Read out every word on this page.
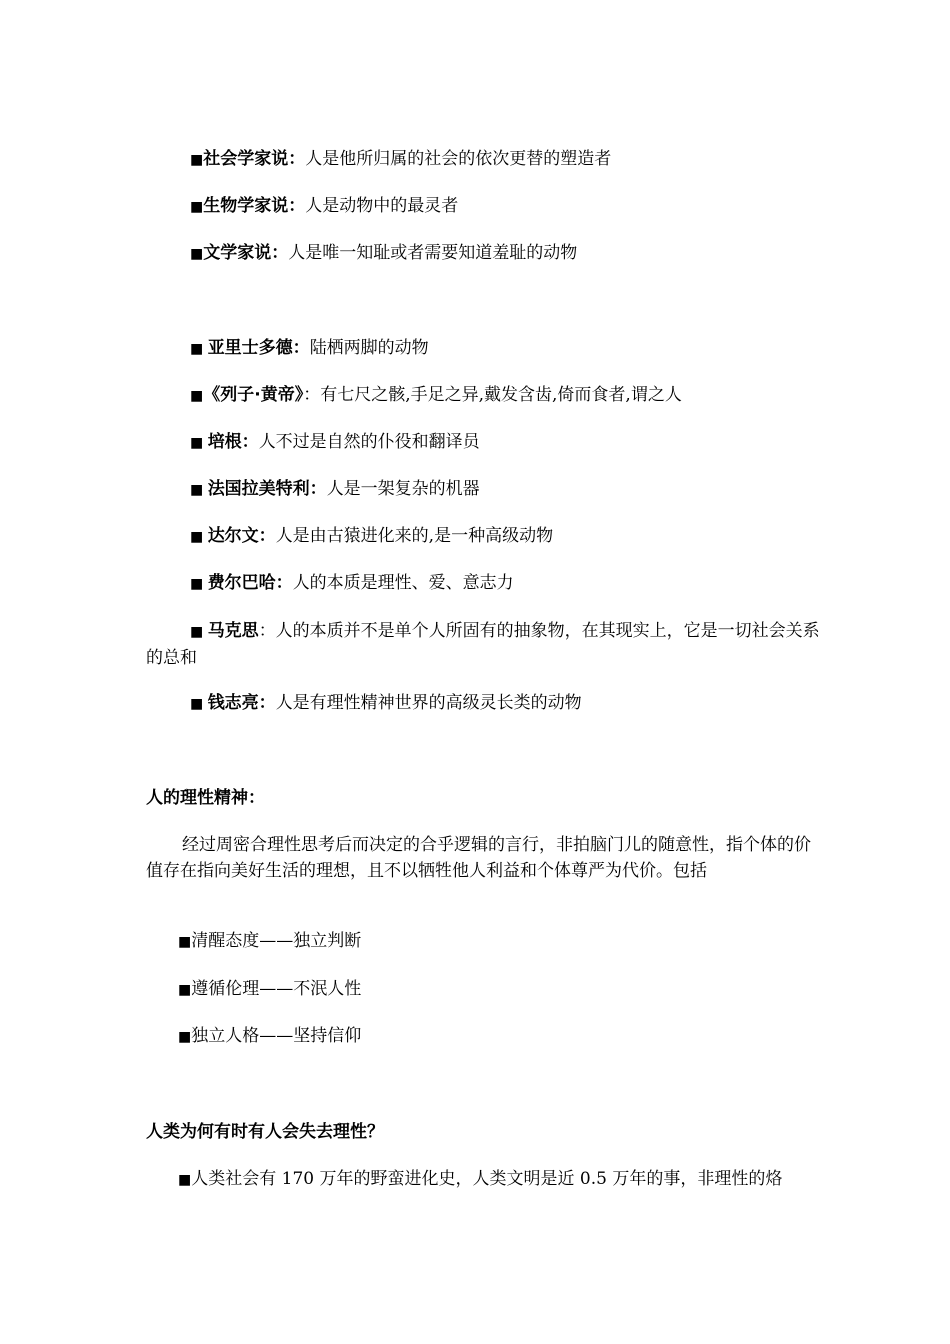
■社会学家说：人是他所归属的社会的依次更替的塑造者
■生物学家说：人是动物中的最灵者
■文学家说：人是唯一知耻或者需要知道羞耻的动物
■ 亚里士多德：陆栖两脚的动物
■《列子·黄帝》：有七尺之骸,手足之异,戴发含齿,倚而食者,谓之人
■ 培根：人不过是自然的仆役和翻译员
■ 法国拉美特利：人是一架复杂的机器
■ 达尔文：人是由古猿进化来的,是一种高级动物
■ 费尔巴哈：人的本质是理性、爱、意志力
■ 马克思：人的本质并不是单个人所固有的抽象物，在其现实上，它是一切社会关系的总和
■ 钱志亮：人是有理性精神世界的高级灵长类的动物
人的理性精神：
经过周密合理性思考后而决定的合乎逻辑的言行，非拍脑门儿的随意性，指个体的价值存在指向美好生活的理想，且不以牺牲他人利益和个体尊严为代价。包括
■清醒态度——独立判断
■遵循伦理——不泯人性
■独立人格——坚持信仰
人类为何有时有人会失去理性？
■人类社会有 170 万年的野蛮进化史，人类文明是近 0.5 万年的事，非理性的烙
